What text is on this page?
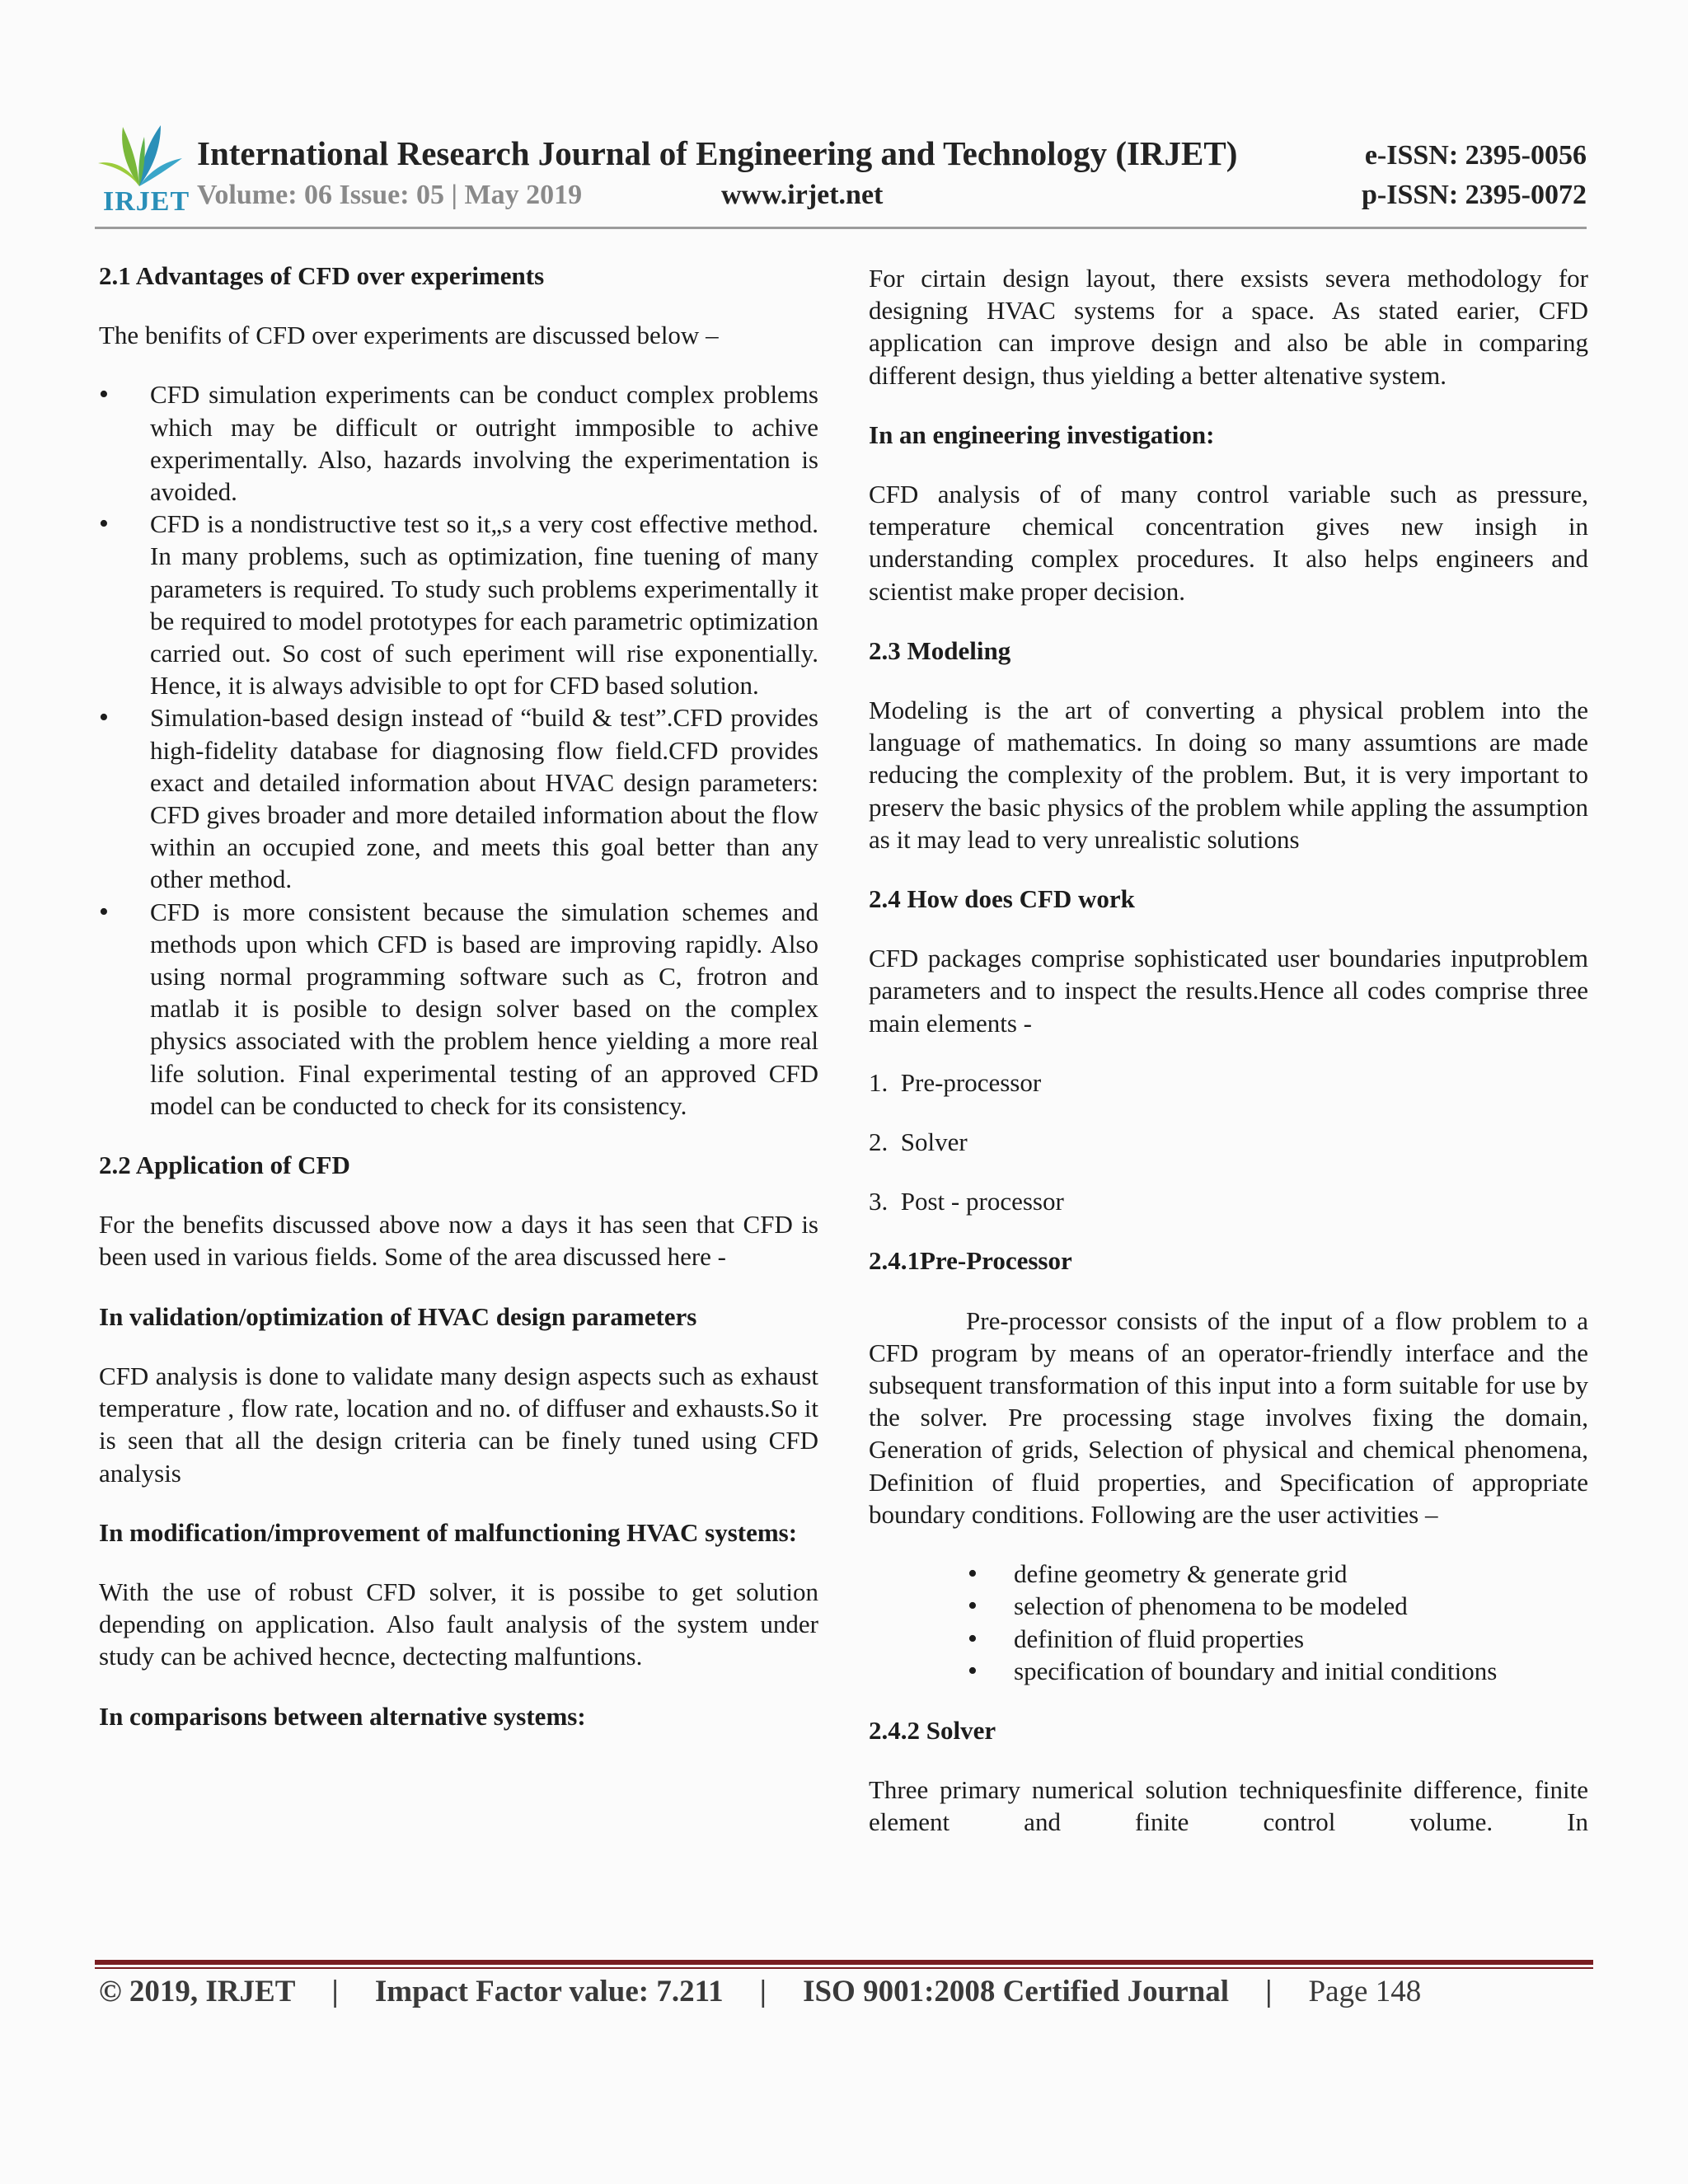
IRJET
International Research Journal of Engineering and Technology (IRJET)
Volume: 06 Issue: 05 | May 2019	www.irjet.net
e-ISSN: 2395-0056
p-ISSN: 2395-0072

2.1 Advantages of CFD over experiments

The benifits of CFD over experiments are discussed below –

• CFD simulation experiments can be conduct complex problems which may be difficult or outright immposible to achive experimentally. Also, hazards involving the experimentation is avoided.
• CFD is a nondistructive test so it„s a very cost effective method. In many problems, such as optimization, fine tuening of many parameters is required. To study such problems experimentally it be required to model prototypes for each parametric optimization carried out. So cost of such eperiment will rise exponentially. Hence, it is always advisible to opt for CFD based solution.
• Simulation-based design instead of “build & test”.CFD provides high-fidelity database for diagnosing flow field.CFD provides exact and detailed information about HVAC design parameters: CFD gives broader and more detailed information about the flow within an occupied zone, and meets this goal better than any other method.
• CFD is more consistent because the simulation schemes and methods upon which CFD is based are improving rapidly. Also using normal programming software such as C, frotron and matlab it is posible to design solver based on the complex physics associated with the problem hence yielding a more real life solution. Final experimental testing of an approved CFD model can be conducted to check for its consistency.

2.2 Application of CFD

For the benefits discussed above now a days it has seen that CFD is been used in various fields. Some of the area discussed here -

In validation/optimization of HVAC design parameters

CFD analysis is done to validate many design aspects such as exhaust temperature , flow rate, location and no. of diffuser and exhausts.So it is seen that all the design criteria can be finely tuned using CFD analysis

In modification/improvement of malfunctioning HVAC systems:

With the use of robust CFD solver, it is possibe to get solution depending on application. Also fault analysis of the system under study can be achived hecnce, dectecting malfuntions.

In comparisons between alternative systems:

For cirtain design layout, there exsists severa methodology for designing HVAC systems for a space. As stated earier, CFD application can improve design and also be able in comparing different design, thus yielding a better altenative system.

In an engineering investigation:

CFD analysis of of many control variable such as pressure, temperature chemical concentration gives new insigh in understanding complex procedures. It also helps engineers and scientist make proper decision.

2.3 Modeling

Modeling is the art of converting a physical problem into the language of mathematics. In doing so many assumtions are made reducing the complexity of the problem. But, it is very important to preserv the basic physics of the problem while appling the assumption as it may lead to very unrealistic solutions

2.4 How does CFD work

CFD packages comprise sophisticated user boundaries inputproblem parameters and to inspect the results.Hence all codes comprise three main elements -

1.  Pre-processor

2.  Solver

3.  Post - processor

2.4.1Pre-Processor

Pre-processor consists of the input of a flow problem to a CFD program by means of an operator-friendly interface and the subsequent transformation of this input into a form suitable for use by the solver. Pre processing stage involves fixing the domain, Generation of grids, Selection of physical and chemical phenomena, Definition of fluid properties, and Specification of appropriate boundary conditions. Following are the user activities –

• define geometry & generate grid
• selection of phenomena to be modeled
• definition of fluid properties
• specification of boundary and initial conditions

2.4.2 Solver

Three primary numerical solution techniquesfinite difference, finite element and finite control volume. In

© 2019, IRJET | Impact Factor value: 7.211 | ISO 9001:2008 Certified Journal | Page 148
